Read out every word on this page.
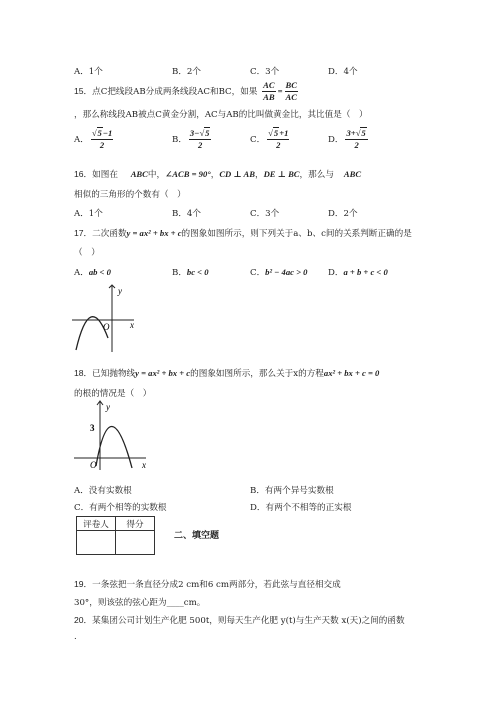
A．1个	B．2个	C．3个	D．4个
15．点C把线段AB分成两条线段AC和BC，如果 $\frac{AC}{AB} = \frac{BC}{AC}$
，那么称线段AB被点C黄金分割，AC与AB的比叫做黄金比，其比值是（　）
A． $\frac{√5-1}{2}$	B． $\frac{3-√5}{2}$	C． $\frac{√5+1}{2}$	D． $\frac{3+√5}{2}$
16．如图在 ABC中，∠ACB = 90°，CD ⊥ AB，DE ⊥ BC，那么与 ABC
相似的三角形的个数有（　）
A．1个	B．4个	C．3个	D．2个
17．二次函数y = ax² + bx + c的图象如图所示，则下列关于a、b、c间的关系判断正确的是
（　）
A．ab < 0	B．bc < 0	C．b² − 4ac > 0 D．a + b + c < 0
y
x
O
18．已知抛物线y = ax² + bx + c的图象如图所示，那么关于x的方程ax² + bx + c = 0
的根的情况是（　）
y
x
3
O
A．没有实数根	B．有两个异号实数根
C．有两个相等的实数根	D．有两个不相等的正实根
评卷人	得分

二、填空题
19．一条弦把一条直径分成2 cm和6 cm两部分，若此弦与直径相交成
30°，则该弦的弦心距为____cm。
20．某集团公司计划生产化肥 500t，则每天生产化肥 y(t)与生产天数 x(天)之间的函数
.
